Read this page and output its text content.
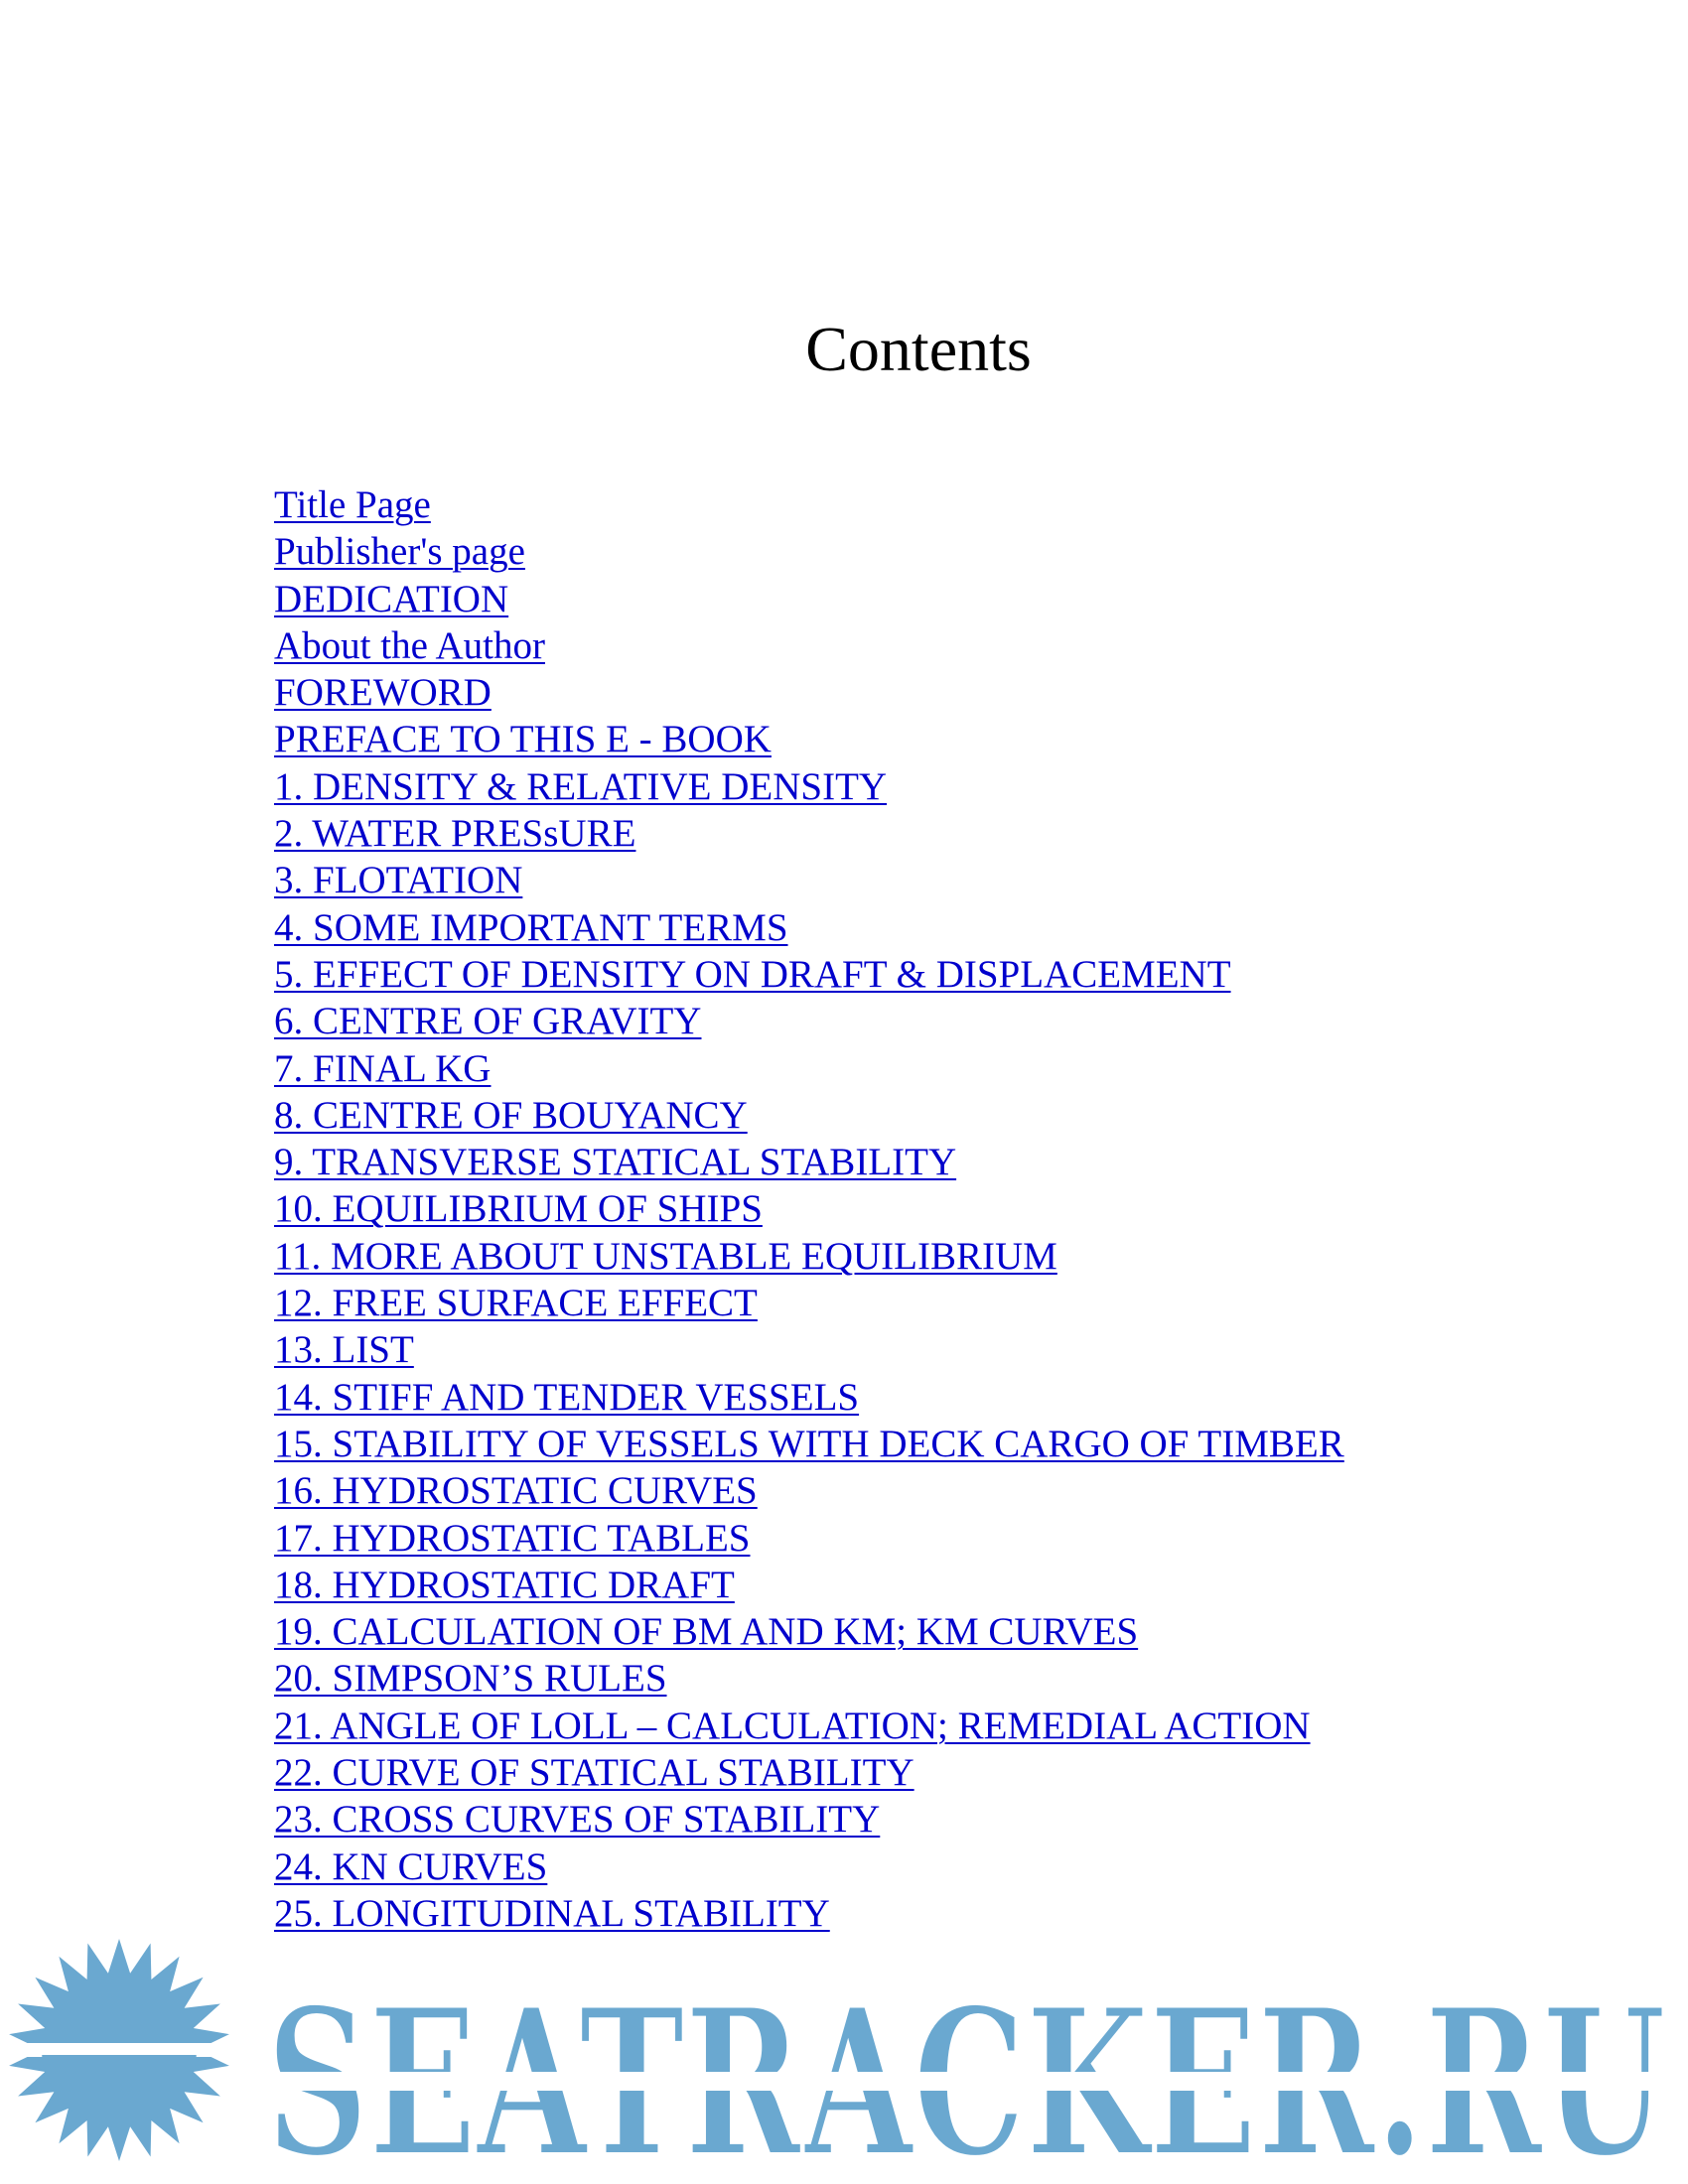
Contents
Title Page
Publisher's page
DEDICATION
About the Author
FOREWORD
PREFACE TO THIS E - BOOK
1. DENSITY & RELATIVE DENSITY
2. WATER PRESsURE
3. FLOTATION
4. SOME IMPORTANT TERMS
5. EFFECT OF DENSITY ON DRAFT & DISPLACEMENT
6. CENTRE OF GRAVITY
7. FINAL KG
8. CENTRE OF BOUYANCY
9. TRANSVERSE STATICAL STABILITY
10. EQUILIBRIUM OF SHIPS
11. MORE ABOUT UNSTABLE EQUILIBRIUM
12. FREE SURFACE EFFECT
13. LIST
14. STIFF AND TENDER VESSELS
15. STABILITY OF VESSELS WITH DECK CARGO OF TIMBER
16. HYDROSTATIC CURVES
17. HYDROSTATIC TABLES
18. HYDROSTATIC DRAFT
19. CALCULATION OF BM AND KM; KM CURVES
20. SIMPSON’S RULES
21. ANGLE OF LOLL – CALCULATION; REMEDIAL ACTION
22. CURVE OF STATICAL STABILITY
23. CROSS CURVES OF STABILITY
24. KN CURVES
25. LONGITUDINAL STABILITY
SEATRACKER.RU
